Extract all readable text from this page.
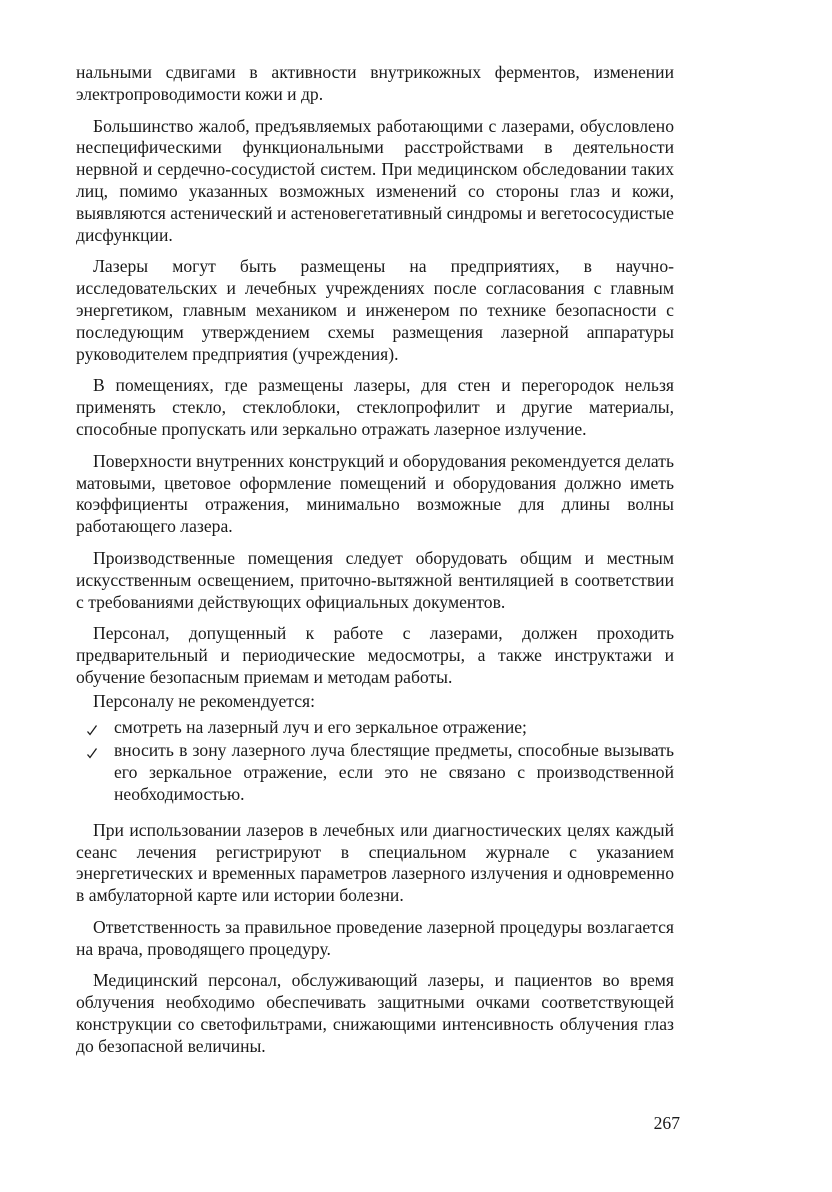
нальными сдвигами в активности внутрикожных ферментов, изменении электропроводимости кожи и др.

Большинство жалоб, предъявляемых работающими с лазерами, обусловлено неспецифическими функциональными расстройствами в деятельности нервной и сердечно-сосудистой систем. При медицинском обследовании таких лиц, помимо указанных возможных изменений со стороны глаз и кожи, выявляются астенический и астеновегетативный синдромы и вегетососудистые дисфункции.

Лазеры могут быть размещены на предприятиях, в научно-исследовательских и лечебных учреждениях после согласования с главным энергетиком, главным механиком и инженером по технике безопасности с последующим утверждением схемы размещения лазерной аппаратуры руководителем предприятия (учреждения).

В помещениях, где размещены лазеры, для стен и перегородок нельзя применять стекло, стеклоблоки, стеклопрофилит и другие материалы, способные пропускать или зеркально отражать лазерное излучение.

Поверхности внутренних конструкций и оборудования рекомендуется делать матовыми, цветовое оформление помещений и оборудования должно иметь коэффициенты отражения, минимально возможные для длины волны работающего лазера.

Производственные помещения следует оборудовать общим и местным искусственным освещением, приточно-вытяжной вентиляцией в соответствии с требованиями действующих официальных документов.

Персонал, допущенный к работе с лазерами, должен проходить предварительный и периодические медосмотры, а также инструктажи и обучение безопасным приемам и методам работы.

Персоналу не рекомендуется:

смотреть на лазерный луч и его зеркальное отражение;
вносить в зону лазерного луча блестящие предметы, способные вызывать его зеркальное отражение, если это не связано с производственной необходимостью.

При использовании лазеров в лечебных или диагностических целях каждый сеанс лечения регистрируют в специальном журнале с указанием энергетических и временных параметров лазерного излучения и одновременно в амбулаторной карте или истории болезни.

Ответственность за правильное проведение лазерной процедуры возлагается на врача, проводящего процедуру.

Медицинский персонал, обслуживающий лазеры, и пациентов во время облучения необходимо обеспечивать защитными очками соответствующей конструкции со светофильтрами, снижающими интенсивность облучения глаз до безопасной величины.

267
